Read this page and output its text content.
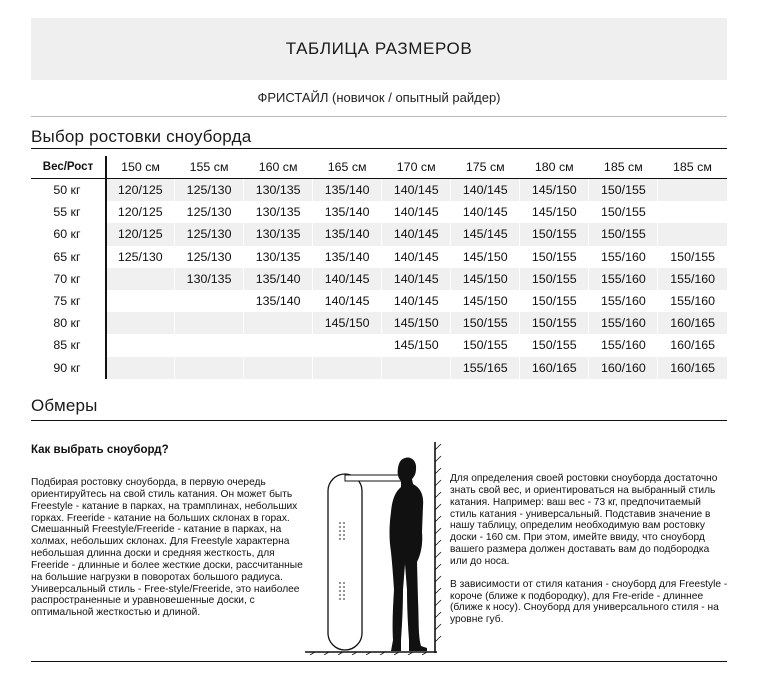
ТАБЛИЦА РАЗМЕРОВ
ФРИСТАЙЛ (новичок / опытный райдер)
Выбор ростовки сноуборда
Вес/Рост	150 см	155 см	160 см	165 см	170 см	175 см	180 см	185 см	185 см
50 кг	120/125	125/130	130/135	135/140	140/145	140/145	145/150	150/155	
55 кг	120/125	125/130	130/135	135/140	140/145	140/145	145/150	150/155	
60 кг	120/125	125/130	130/135	135/140	140/145	145/145	150/155	150/155	
65 кг	125/130	125/130	130/135	135/140	140/145	145/150	150/155	155/160	150/155
70 кг		130/135	135/140	140/145	140/145	145/150	150/155	155/160	155/160
75 кг			135/140	140/145	140/145	145/150	150/155	155/160	155/160
80 кг				145/150	145/150	150/155	150/155	155/160	160/165
85 кг					145/150	150/155	150/155	155/160	160/165
90 кг						155/165	160/165	160/160	160/165
Обмеры
Как выбрать сноуборд?
Подбирая ростовку сноуборда, в первую очередь ориентируйтесь на свой стиль катания. Он может быть Freestyle - катание в парках, на трамплинах, небольших горках. Freeride - катание на больших склонах в горах. Смешанный Freestyle/Freeride - катание в парках, на холмах, небольших склонах. Для Freestyle характерна небольшая длинна доски и средняя жесткость, для Freeride - длинные и более жесткие доски, рассчитанные на большие нагрузки в поворотах большого радиуса. Универсальный стиль - Free-style/Freeride, это наиболее распространенные и уравновешенные доски, с оптимальной жесткостью и длиной.

Для определения своей ростовки сноуборда достаточно знать свой вес, и ориентироваться на выбранный стиль катания. Например: ваш вес - 73 кг, предпочитаемый стиль катания - универсальный. Подставив значение в нашу таблицу, определим необходимую вам ростовку доски - 160 см. При этом, имейте ввиду, что сноуборд вашего размера должен доставать вам до подбородка или до носа.

В зависимости от стиля катания - сноуборд для Freestyle - короче (ближе к подбородку), для Fre-eride - длиннее (ближе к носу). Сноуборд для универсального стиля - на уровне губ.
